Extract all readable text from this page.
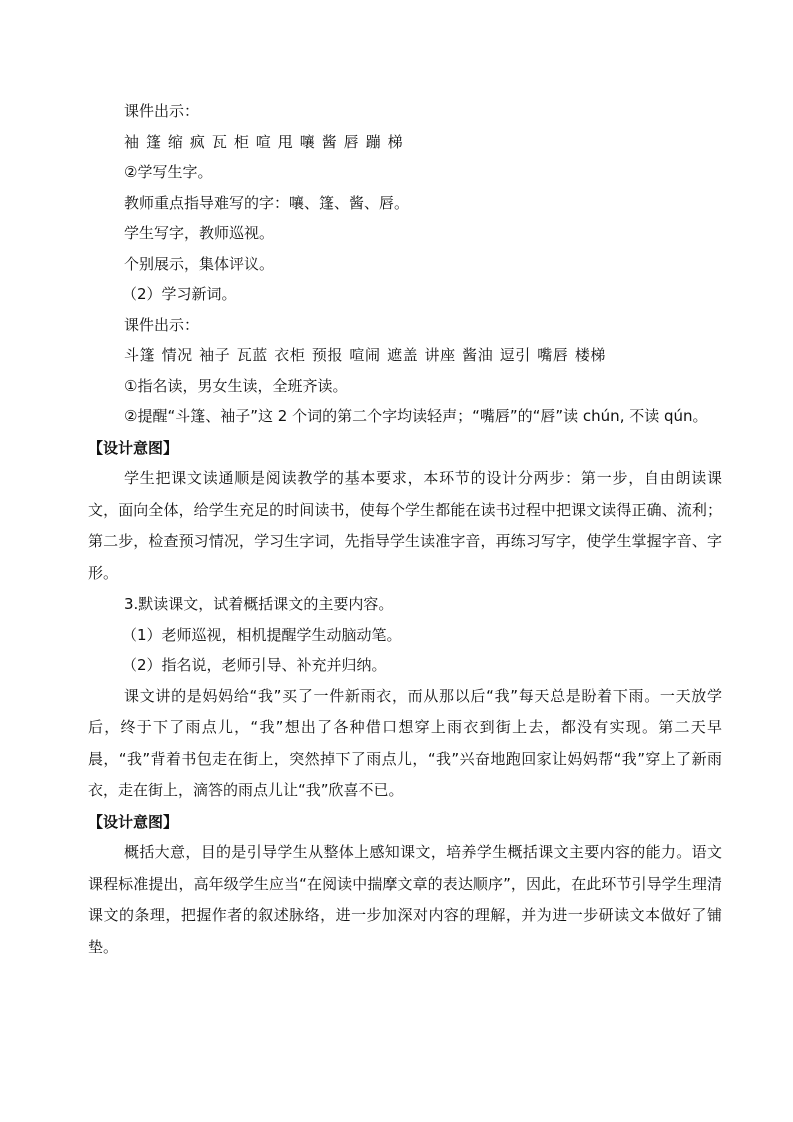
课件出示：
袖 篷 缩 疯 瓦 柜 喧 甩 嚷 酱 唇 蹦 梯
②学写生字。
教师重点指导难写的字：嚷、篷、酱、唇。
学生写字，教师巡视。
个别展示，集体评议。
（2）学习新词。
课件出示：
斗篷 情况 袖子 瓦蓝 衣柜 预报 喧闹 遮盖 讲座 酱油 逗引 嘴唇 楼梯
①指名读，男女生读，全班齐读。
②提醒“斗篷、袖子”这 2 个词的第二个字均读轻声；“嘴唇”的“唇”读 chún, 不读 qún。
【设计意图】
学生把课文读通顺是阅读教学的基本要求，本环节的设计分两步：第一步，自由朗读课文，面向全体，给学生充足的时间读书，使每个学生都能在读书过程中把课文读得正确、流利；第二步，检查预习情况，学习生字词，先指导学生读准字音，再练习写字，使学生掌握字音、字形。
3.默读课文，试着概括课文的主要内容。
（1）老师巡视，相机提醒学生动脑动笔。
（2）指名说，老师引导、补充并归纳。
课文讲的是妈妈给“我”买了一件新雨衣，而从那以后“我”每天总是盼着下雨。一天放学后，终于下了雨点儿，“我”想出了各种借口想穿上雨衣到街上去，都没有实现。第二天早晨，“我”背着书包走在街上，突然掉下了雨点儿，“我”兴奋地跑回家让妈妈帮“我”穿上了新雨衣，走在街上，滴答的雨点儿让“我”欣喜不已。
【设计意图】
概括大意，目的是引导学生从整体上感知课文，培养学生概括课文主要内容的能力。语文课程标准提出，高年级学生应当“在阅读中揣摩文章的表达顺序”，因此，在此环节引导学生理清课文的条理，把握作者的叙述脉络，进一步加深对内容的理解，并为进一步研读文本做好了铺垫。
